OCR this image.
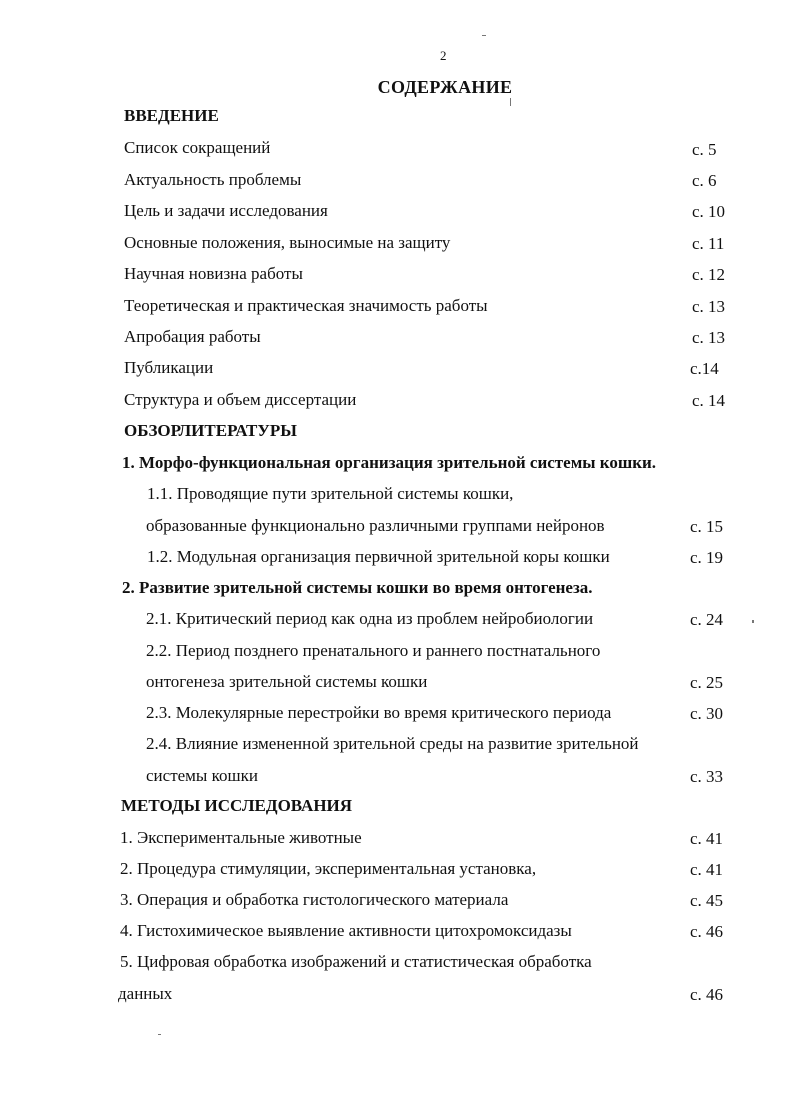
2
СОДЕРЖАНИЕ
ВВЕДЕНИЕ
Список сокращений	с. 5
Актуальность проблемы	с. 6
Цель и задачи исследования	с. 10
Основные положения, выносимые на защиту	с. 11
Научная новизна работы	с. 12
Теоретическая и практическая значимость работы	с. 13
Апробация работы	с. 13
Публикации	с.14
Структура и объем диссертации	с. 14
ОБЗОРЛИТЕРАТУРЫ
1. Морфо-функциональная организация зрительной системы кошки.
1.1. Проводящие пути зрительной системы кошки,
образованные функционально различными группами нейронов	с. 15
1.2. Модульная организация первичной зрительной коры кошки	с. 19
2. Развитие зрительной системы кошки во время онтогенеза.
2.1. Критический период как одна из проблем нейробиологии	с. 24
2.2. Период позднего пренатального и раннего постнатального
онтогенеза зрительной системы кошки	с. 25
2.3. Молекулярные перестройки во время критического периода	с. 30
2.4. Влияние измененной зрительной среды на развитие зрительной
системы кошки	с. 33
МЕТОДЫ ИССЛЕДОВАНИЯ
1. Экспериментальные животные	с. 41
2. Процедура стимуляции, экспериментальная установка,	с. 41
3. Операция и обработка гистологического материала	с. 45
4. Гистохимическое выявление активности цитохромоксидазы	с. 46
5. Цифровая обработка изображений и статистическая обработка
данных	с. 46
